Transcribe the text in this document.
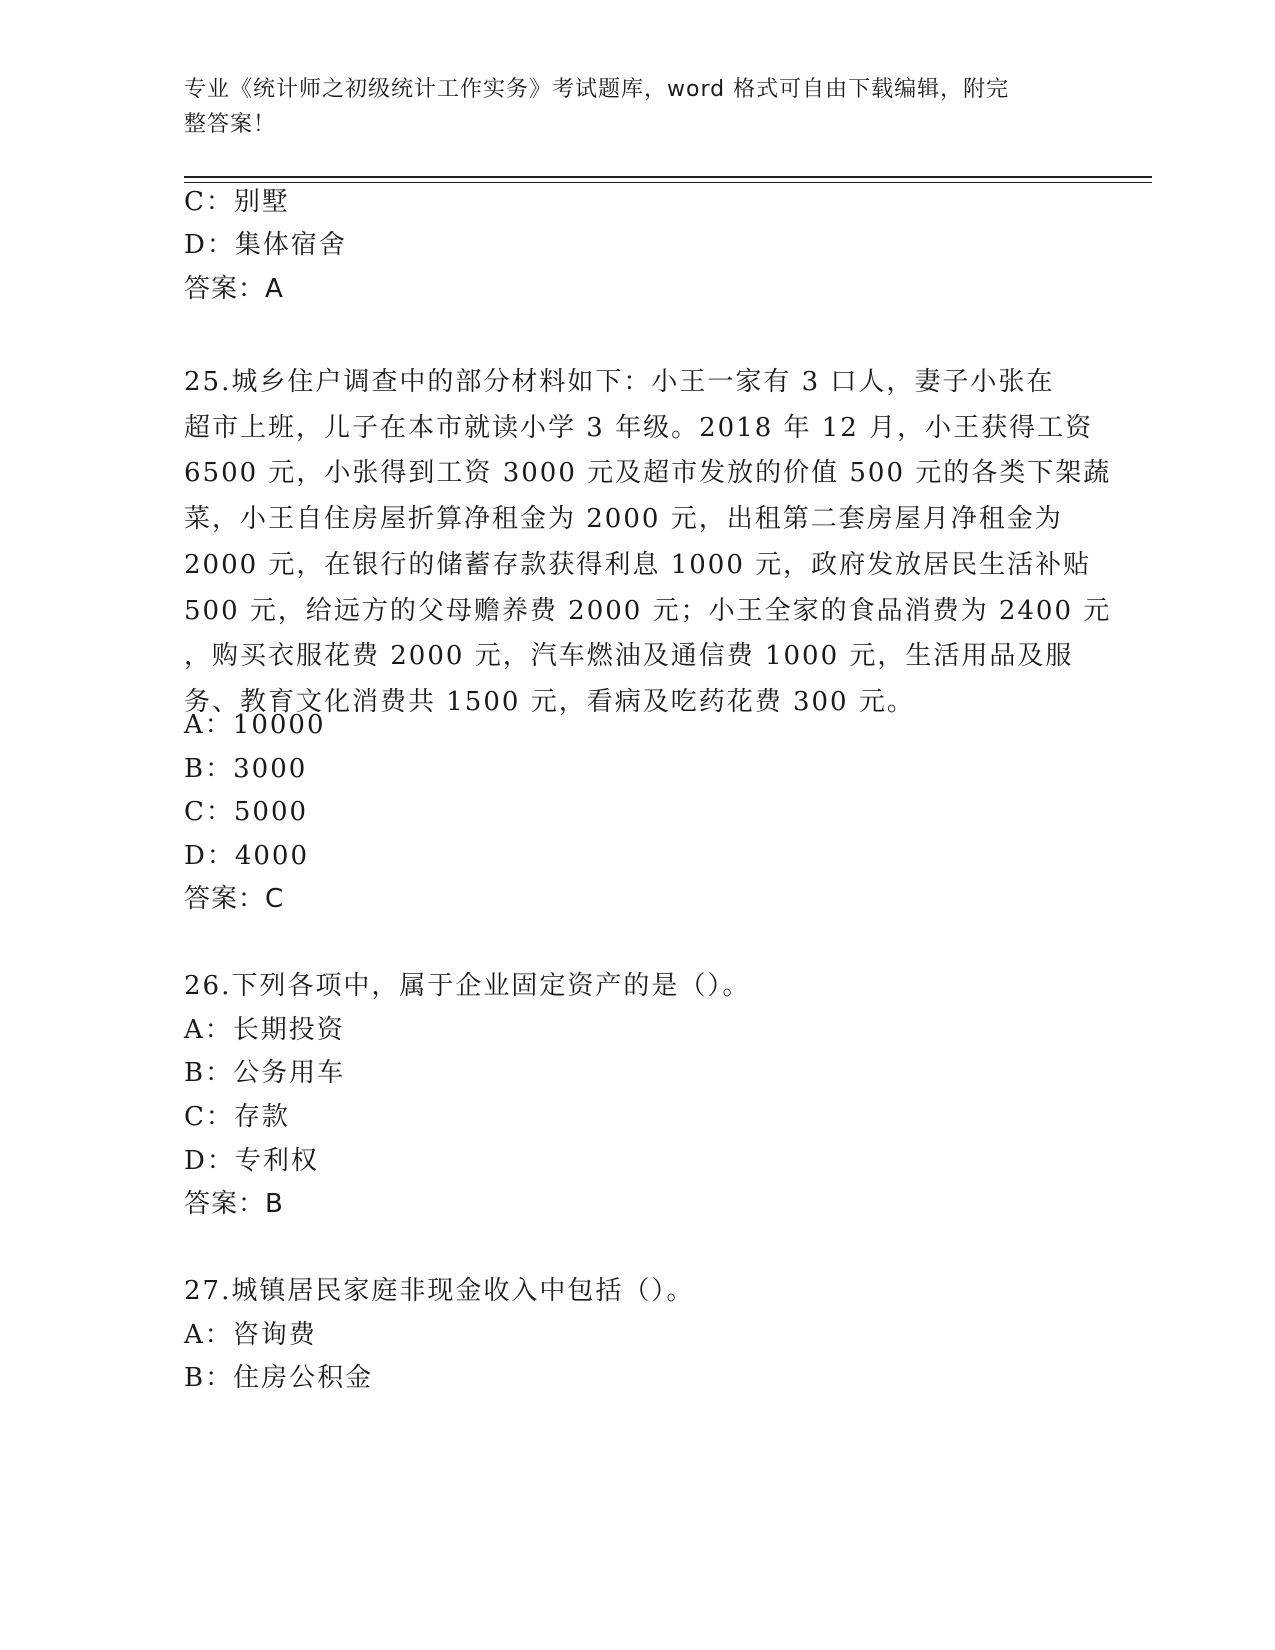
专业《统计师之初级统计工作实务》考试题库，word 格式可自由下载编辑，附完
整答案！
C：别墅
D：集体宿舍
答案：A
25.城乡住户调查中的部分材料如下：小王一家有 3 口人，妻子小张在
超市上班，儿子在本市就读小学 3 年级。2018 年 12 月，小王获得工资
6500 元，小张得到工资 3000 元及超市发放的价值 500 元的各类下架蔬
菜，小王自住房屋折算净租金为 2000 元，出租第二套房屋月净租金为
2000 元，在银行的储蓄存款获得利息 1000 元，政府发放居民生活补贴
500 元，给远方的父母赡养费 2000 元；小王全家的食品消费为 2400 元
，购买衣服花费 2000 元，汽车燃油及通信费 1000 元，生活用品及服
务、教育文化消费共 1500 元，看病及吃药花费 300 元。
A：10000
B：3000
C：5000
D：4000
答案：C
26.下列各项中，属于企业固定资产的是（）。
A：长期投资
B：公务用车
C：存款
D：专利权
答案：B
27.城镇居民家庭非现金收入中包括（）。
A：咨询费
B：住房公积金
